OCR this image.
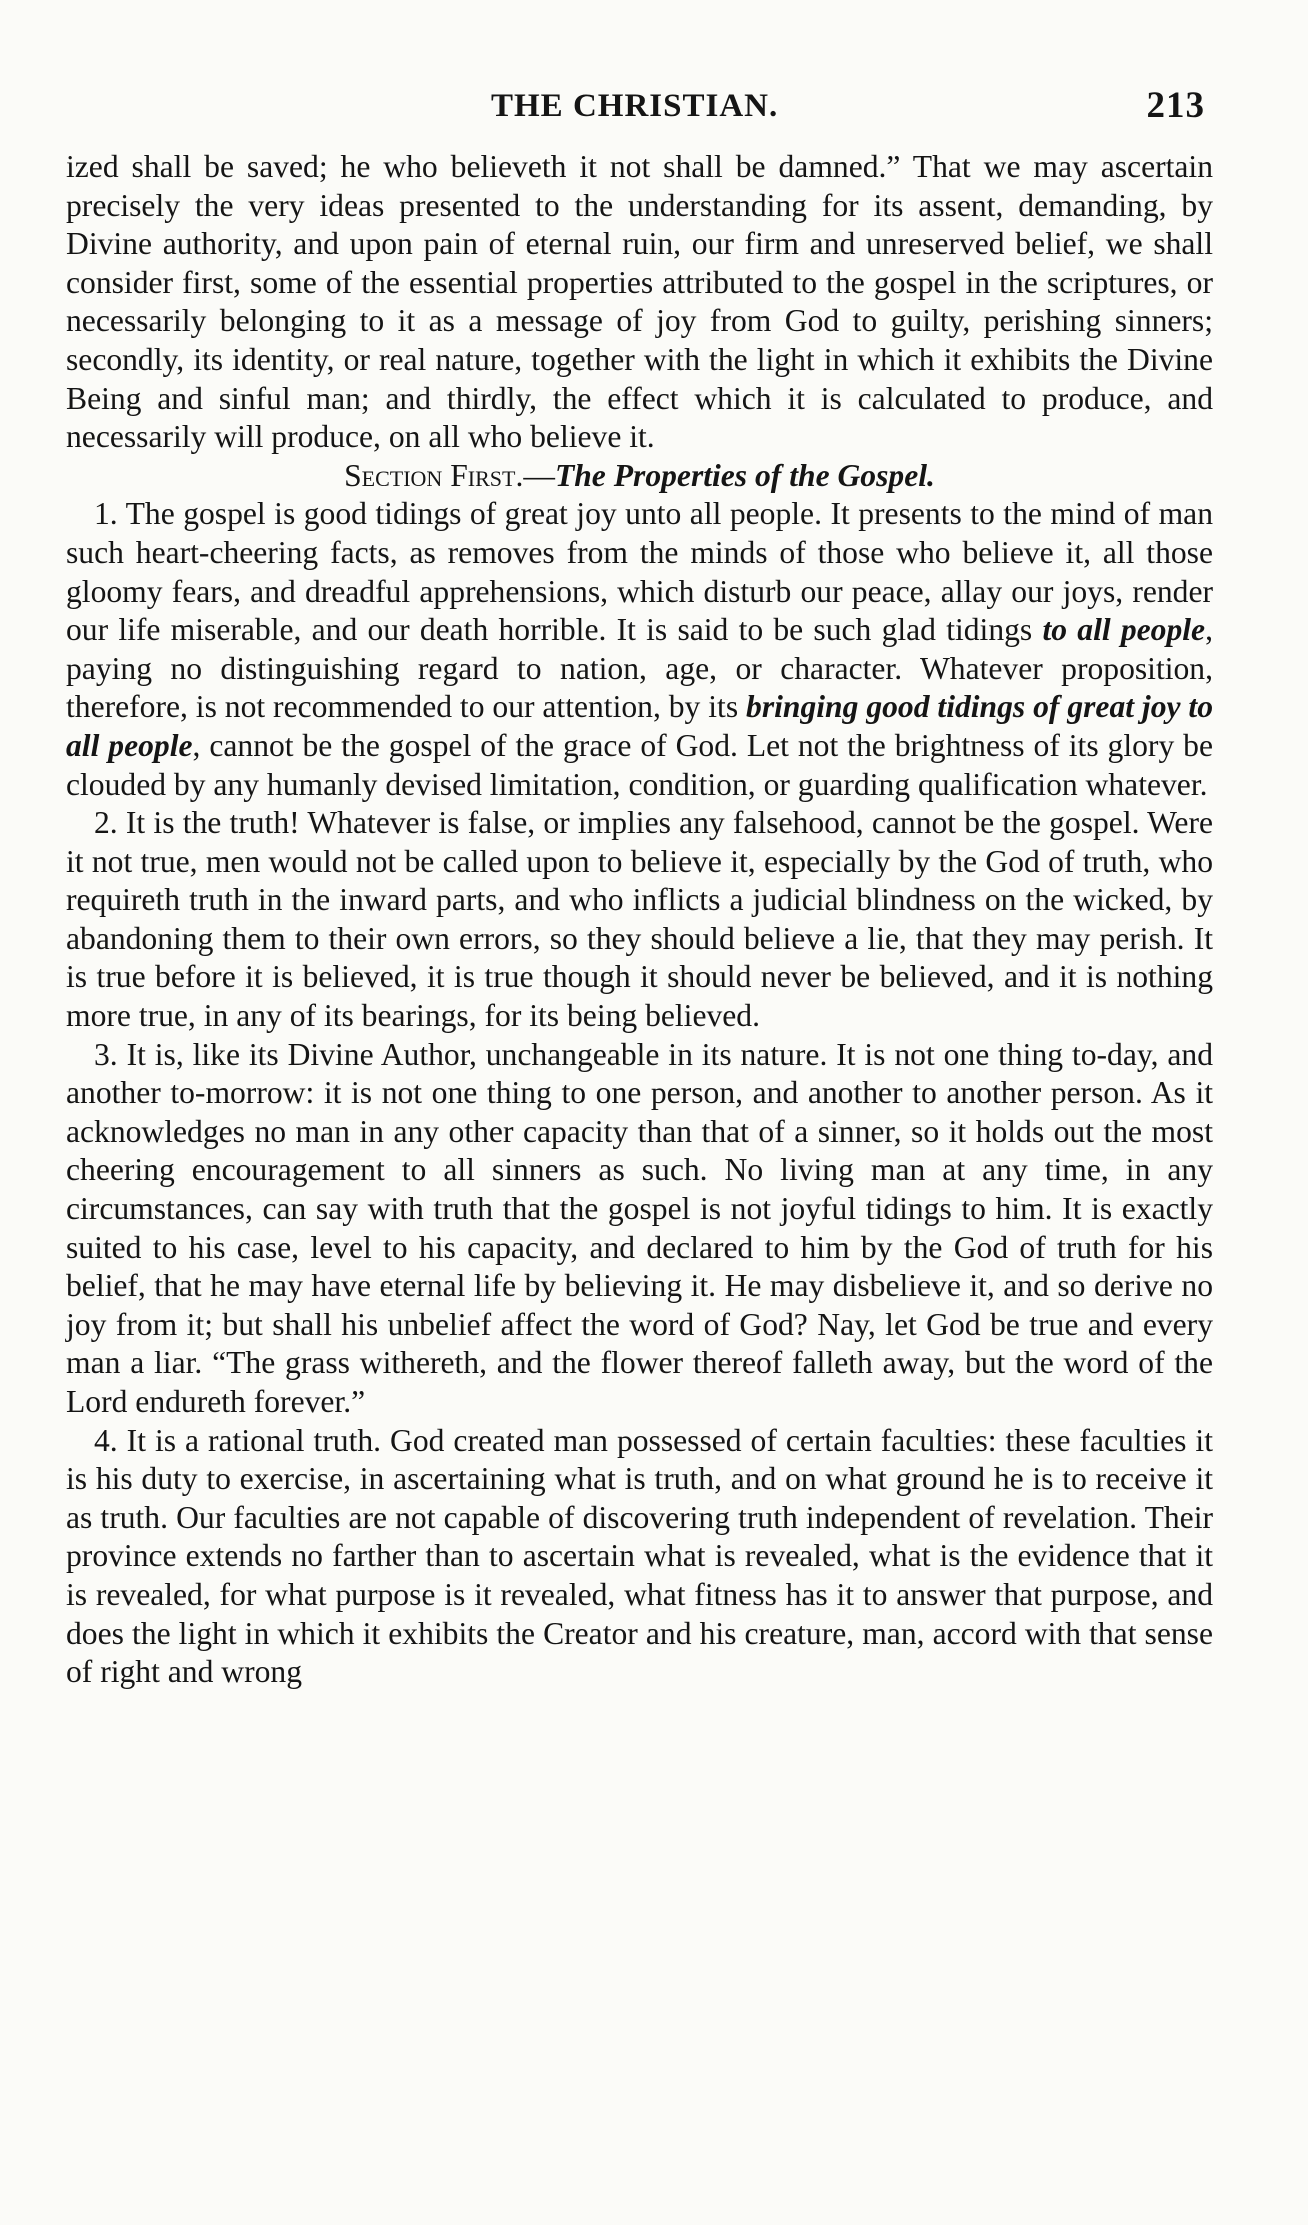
THE CHRISTIAN.	213

ized shall be saved; he who believeth it not shall be damned.” That we may ascertain precisely the very ideas presented to the understanding for its assent, demanding, by Divine authority, and upon pain of eternal ruin, our firm and unreserved belief, we shall consider first, some of the essential properties attributed to the gospel in the scriptures, or necessarily belonging to it as a message of joy from God to guilty, perishing sinners; secondly, its identity, or real nature, together with the light in which it exhibits the Divine Being and sinful man; and thirdly, the effect which it is calculated to produce, and necessarily will produce, on all who believe it.

Section First.—The Properties of the Gospel.

1. The gospel is good tidings of great joy unto all people. It presents to the mind of man such heart-cheering facts, as removes from the minds of those who believe it, all those gloomy fears, and dreadful apprehensions, which disturb our peace, allay our joys, render our life miserable, and our death horrible. It is said to be such glad tidings to all people, paying no distinguishing regard to nation, age, or character. Whatever proposition, therefore, is not recommended to our attention, by its bringing good tidings of great joy to all people, cannot be the gospel of the grace of God. Let not the brightness of its glory be clouded by any humanly devised limitation, condition, or guarding qualification whatever.

2. It is the truth! Whatever is false, or implies any falsehood, cannot be the gospel. Were it not true, men would not be called upon to believe it, especially by the God of truth, who requireth truth in the inward parts, and who inflicts a judicial blindness on the wicked, by abandoning them to their own errors, so they should believe a lie, that they may perish. It is true before it is believed, it is true though it should never be believed, and it is nothing more true, in any of its bearings, for its being believed.

3. It is, like its Divine Author, unchangeable in its nature. It is not one thing to-day, and another to-morrow: it is not one thing to one person, and another to another person. As it acknowledges no man in any other capacity than that of a sinner, so it holds out the most cheering encouragement to all sinners as such. No living man at any time, in any circumstances, can say with truth that the gospel is not joyful tidings to him. It is exactly suited to his case, level to his capacity, and declared to him by the God of truth for his belief, that he may have eternal life by believing it. He may disbelieve it, and so derive no joy from it; but shall his unbelief affect the word of God? Nay, let God be true and every man a liar. “The grass withereth, and the flower thereof falleth away, but the word of the Lord endureth forever.”

4. It is a rational truth. God created man possessed of certain faculties: these faculties it is his duty to exercise, in ascertaining what is truth, and on what ground he is to receive it as truth. Our faculties are not capable of discovering truth independent of revelation. Their province extends no farther than to ascertain what is revealed, what is the evidence that it is revealed, for what purpose is it revealed, what fitness has it to answer that purpose, and does the light in which it exhibits the Creator and his creature, man, accord with that sense of right and wrong
